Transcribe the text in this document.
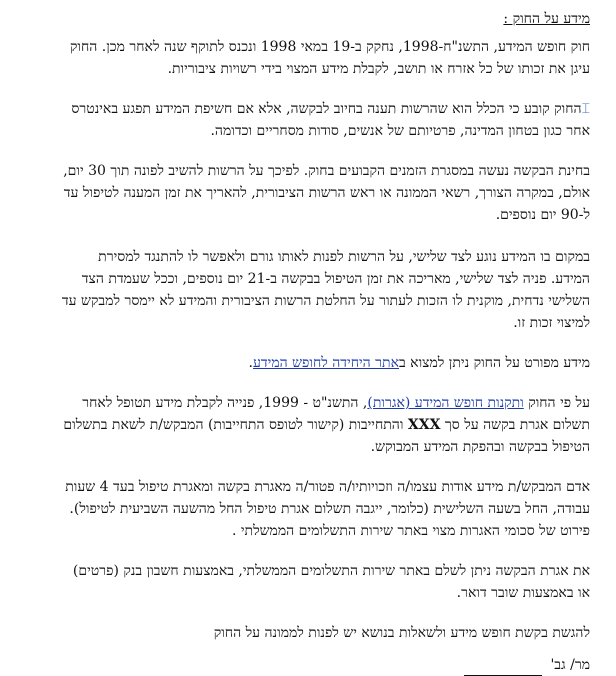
מידע על החוק :

חוק חופש המידע, התשנ"ח-1998, נחקק ב-19 במאי 1998 ונכנס לתוקף שנה לאחר מכן. החוק עיגן את זכותו של כל אזרח או תושב, לקבלת מידע המצוי בידי רשויות ציבוריות.

⌶החוק קובע כי הכלל הוא שהרשות תענה בחיוב לבקשה, אלא אם חשיפת המידע תפגע באינטרס אחר כגון בטחון המדינה, פרטיותם של אנשים, סודות מסחריים וכדומה.

בחינת הבקשה נעשה במסגרת הזמנים הקבועים בחוק. לפיכך על הרשות להשיב לפונה תוך 30 יום, אולם, במקרה הצורך, רשאי הממונה או ראש הרשות הציבורית, להאריך את זמן המענה לטיפול עד ל-90 יום נוספים.

במקום בו המידע נוגע לצד שלישי, על הרשות לפנות לאותו גורם ולאפשר לו להתנגד למסירת המידע. פניה לצד שלישי, מאריכה את זמן הטיפול בבקשה ב-21 יום נוספים, וככל שעמדת הצד השלישי נדחית, מוקנית לו הזכות לעתור על החלטת הרשות הציבורית והמידע לא יימסר למבקש עד למיצוי זכות זו.

מידע מפורט על החוק ניתן למצוא באתר היחידה לחופש המידע.

על פי החוק ותקנות חופש המידע (אגרות), התשנ"ט - 1999, פנייה לקבלת מידע תטופל לאחר תשלום אגרת בקשה על סך XXX והתחייבות (קישור לטופס התחייבות) המבקש/ת לשאת בתשלום הטיפול בבקשה ובהפקת המידע המבוקש.

אדם המבקש/ת מידע אודות עצמו/ה וזכויותיו/ה פטור/ה מאגרת בקשה ומאגרת טיפול בעד 4 שעות עבודה, החל בשעה השלישית (כלומר, ייגבה תשלום אגרת טיפול החל מהשעה השביעית לטיפול). פירוט של סכומי האגרות מצוי באתר שירות התשלומים הממשלתי .

את אגרת הבקשה ניתן לשלם באתר שירות התשלומים הממשלתי, באמצעות חשבון בנק (פרטים) או באמצעות שובר דואר.

להגשת בקשת חופש מידע ולשאלות בנושא יש לפנות לממונה על החוק
מר/ גב'
